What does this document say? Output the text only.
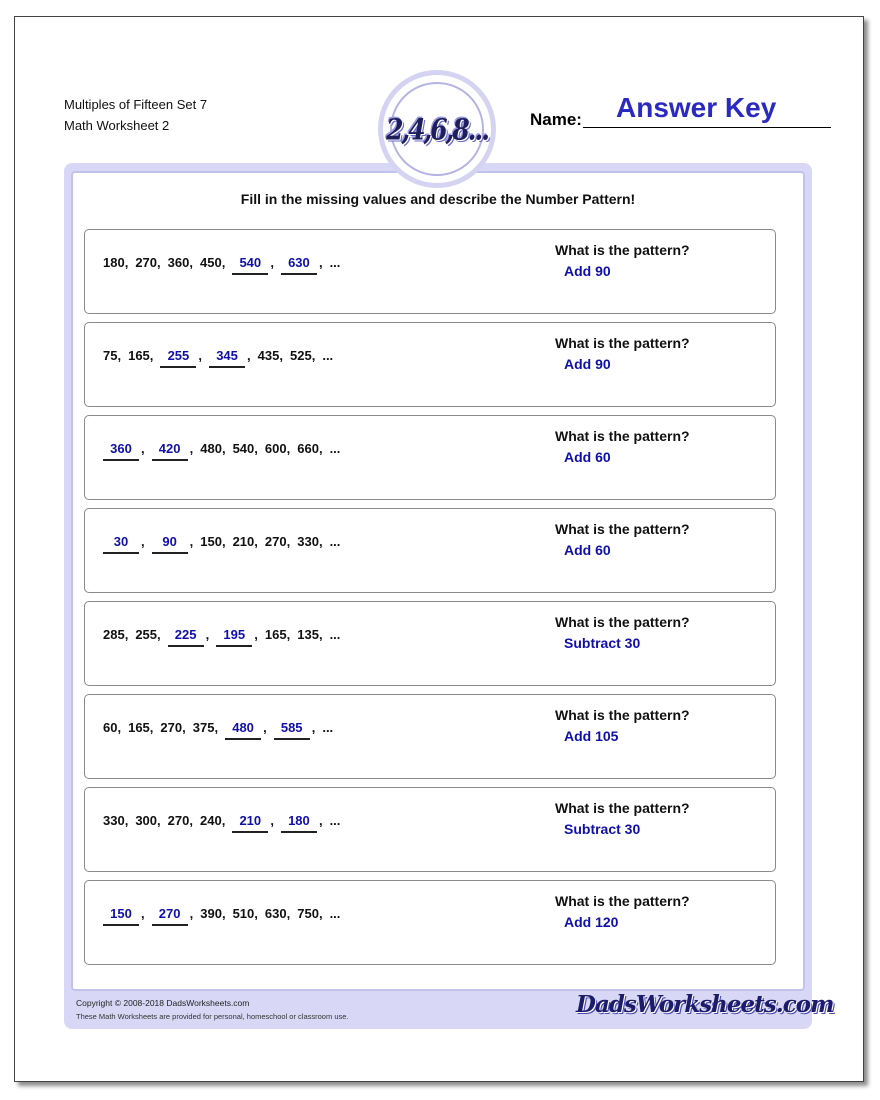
Multiples of Fifteen Set 7
Math Worksheet 2	2,4,6,8... Name: Answer Key
Fill in the missing values and describe the Number Pattern!
180, 270, 360, 450, 540 , 630 , ...
What is the pattern?
Add 90
75, 165, 255 , 345 , 435, 525, ...
What is the pattern?
Add 90
360 , 420 , 480, 540, 600, 660, ...
What is the pattern?
Add 60
30 , 90 , 150, 210, 270, 330, ...
What is the pattern?
Add 60
285, 255, 225 , 195 , 165, 135, ...
What is the pattern?
Subtract 30
60, 165, 270, 375, 480 , 585 , ...
What is the pattern?
Add 105
330, 300, 270, 240, 210 , 180 , ...
What is the pattern?
Subtract 30
150 , 270 , 390, 510, 630, 750, ...
What is the pattern?
Add 120
Copyright © 2008-2018 DadsWorksheets.com
These Math Worksheets are provided for personal, homeschool or classroom use.	DadsWorksheets.com
